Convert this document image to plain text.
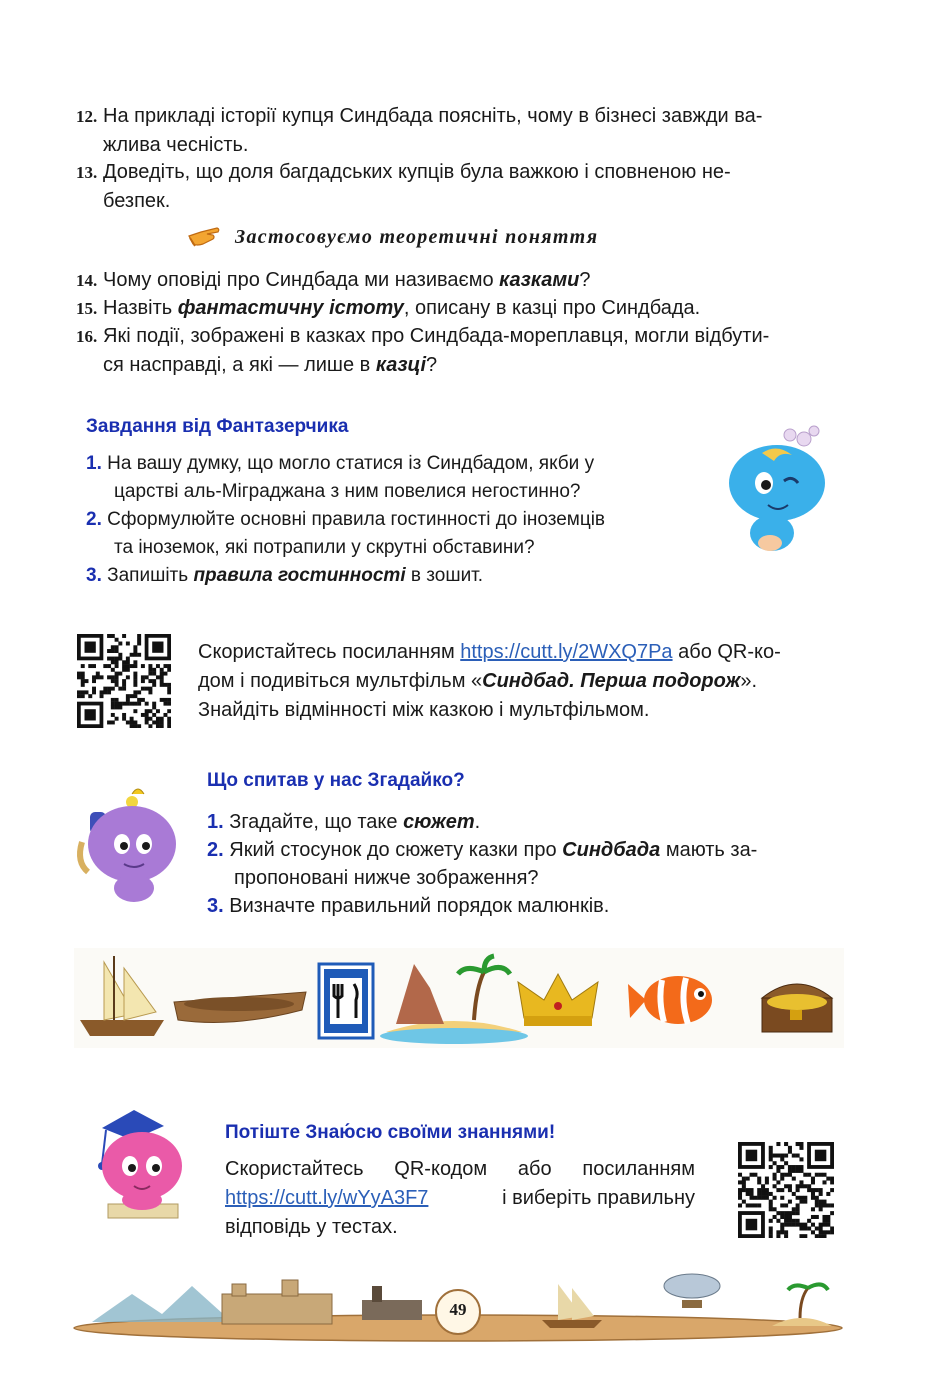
12. На прикладі історії купця Синдбада поясніть, чому в бізнесі завжди ва-
жлива чесність.
13. Доведіть, що доля багдадських купців була важкою і сповненою не-
безпек.
Застосовуємо теоретичні поняття
14. Чому оповіді про Синдбада ми називаємо казками?
15. Назвіть фантастичну істоту, описану в казці про Синдбада.
16. Які події, зображені в казках про Синдбада-мореплавця, могли відбути-
ся насправді, а які — лише в казці?
Завдання від Фантазерчика
1. На вашу думку, що могло статися із Синдбадом, якби у
царстві аль-Міграджана з ним повелися негостинно?
2. Сформулюйте основні правила гостинності до іноземців
та іноземок, які потрапили у скрутні обставини?
3. Запишіть правила гостинності в зошит.
Скористайтесь посиланням https://cutt.ly/2WXQ7Pa або QR-ко-
дом і подивіться мультфільм «Синдбад. Перша подорож».
Знайдіть відмінності між казкою і мультфільмом.
Що спитав у нас Згадайко?
1. Згадайте, що таке сюжет.
2. Який стосунок до сюжету казки про Синдбада мають за-
пропоновані нижче зображення?
3. Визначте правильний порядок малюнків.
Потіште Знаю́сю своїми знаннями!
Скористайтесь QR-кодом або посиланням
https://cutt.ly/wYyA3F7	і виберіть правильну
відповідь у тестах.
49
